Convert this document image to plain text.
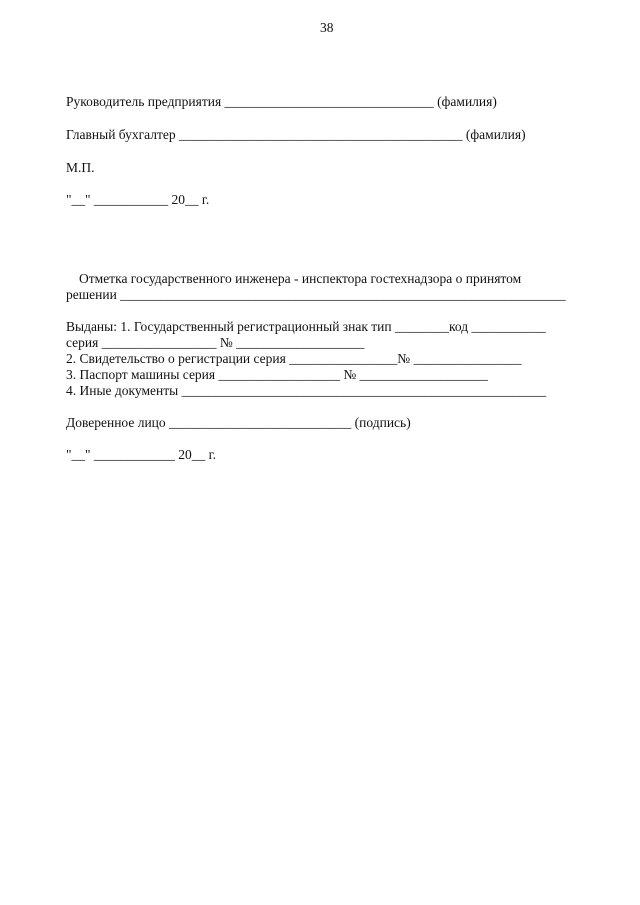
38
Руководитель предприятия _______________________________ (фамилия)
Главный бухгалтер __________________________________________ (фамилия)
М.П.
"__" ___________ 20__ г.
Отметка государственного инженера - инспектора гостехнадзора о принятом
решении __________________________________________________________________
Выданы: 1. Государственный регистрационный знак тип ________код ___________
серия _________________ № ___________________
2. Свидетельство о регистрации серия ________________№ ________________
3. Паспорт машины серия __________________ № ___________________
4. Иные документы ______________________________________________________
Доверенное лицо ___________________________ (подпись)
"__" ____________ 20__ г.
